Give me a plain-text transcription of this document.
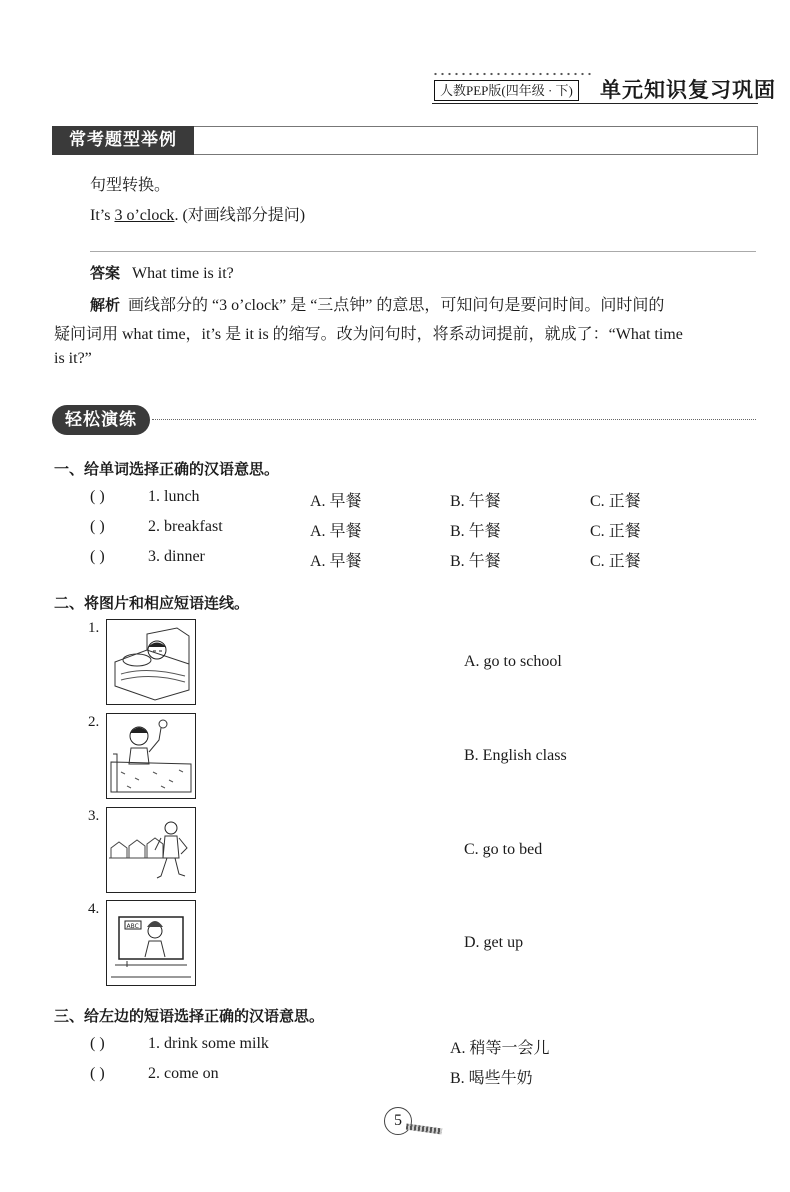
人教PEP版(四年级 · 下) 单元知识复习巩固
常考题型举例
句型转换。
It’s 3 o’clock. (对画线部分提问)
答案 What time is it?
解析 画线部分的 “3 o’clock” 是 “三点钟” 的意思，可知问句是要问时间。问时间的
疑问词用 what time，it’s 是 it is 的缩写。改为问句时，将系动词提前，就成了：“What time
is it?”
轻松演练
一、给单词选择正确的汉语意思。
( )	1. lunch	A. 早餐	B. 午餐	C. 正餐
( )	2. breakfast	A. 早餐	B. 午餐	C. 正餐
( )	3. dinner	A. 早餐	B. 午餐	C. 正餐
二、将图片和相应短语连线。
1.
2.
3.
4.
ABC
A. go to school
B. English class
C. go to bed
D. get up
三、给左边的短语选择正确的汉语意思。
( )	1. drink some milk	A. 稍等一会儿
( )	2. come on	B. 喝些牛奶
5
